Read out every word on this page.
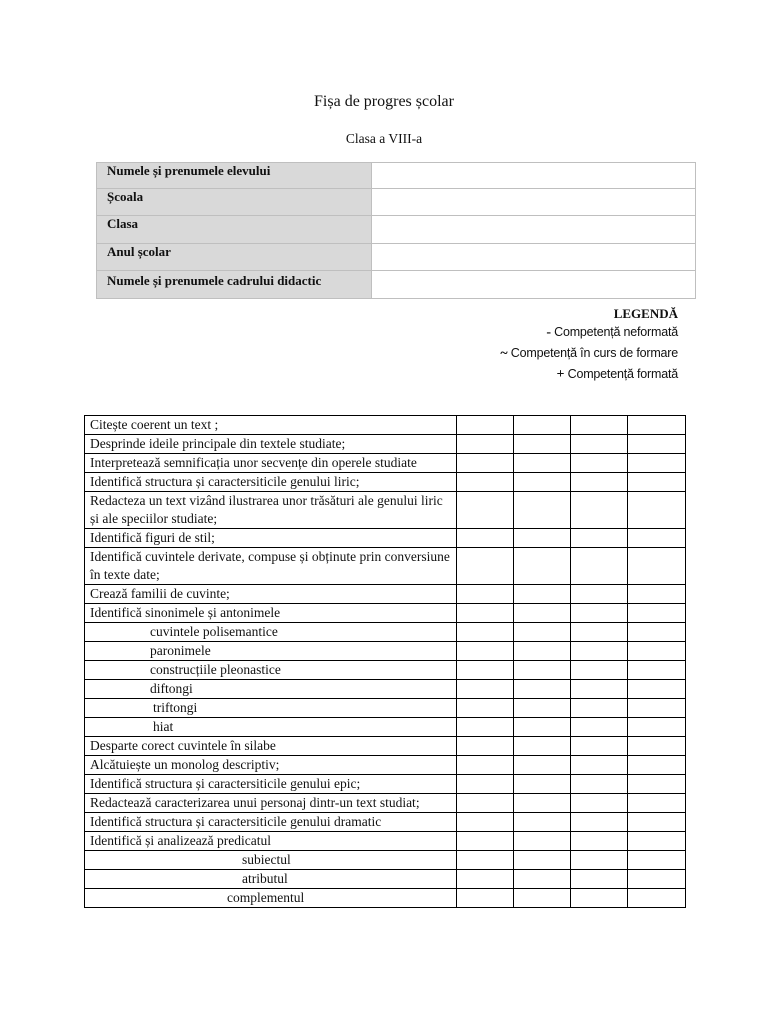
Fișa de progres școlar
Clasa a VIII-a
Numele și prenumele elevului	
Școala	
Clasa	
Anul școlar	
Numele și prenumele cadrului didactic	
LEGENDĂ
- Competență neformată
~ Competență în curs de formare
+ Competență formată
Citește coerent un text ;				
Desprinde ideile principale din textele studiate;				
Interpretează semnificația unor secvențe din operele studiate				
Identifică structura și caractersiticile genului liric;				
Redacteza un text vizând ilustrarea unor trăsături ale genului liric și ale speciilor studiate;				
Identifică figuri de stil;				
Identifică cuvintele derivate, compuse și obținute prin conversiune în texte date;				
Crează familii de cuvinte;				
Identifică sinonimele și antonimele				
cuvintele polisemantice				
paronimele				
construcțiile pleonastice				
diftongi				
triftongi				
hiat				
Desparte corect cuvintele în silabe				
Alcătuiește un monolog descriptiv;				
Identifică structura și caractersiticile genului epic;				
Redactează caracterizarea unui personaj dintr-un text studiat;				
Identifică structura și caractersiticile genului dramatic				
Identifică și analizează predicatul				
subiectul				
atributul				
complementul				
